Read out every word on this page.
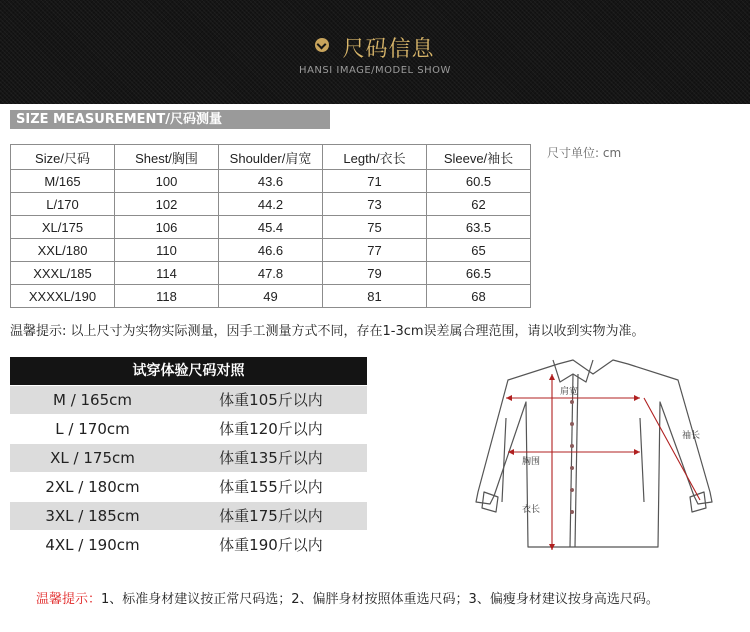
尺码信息
HANSI IMAGE/MODEL SHOW
SIZE MEASUREMENT/尺码测量
Size/尺码	Shest/胸围	Shoulder/肩宽	Legth/衣长	Sleeve/袖长
M/165	100	43.6	71	60.5
L/170	102	44.2	73	62
XL/175	106	45.4	75	63.5
XXL/180	110	46.6	77	65
XXXL/185	114	47.8	79	66.5
XXXXL/190	118	49	81	68
尺寸单位: cm
温馨提示: 以上尺寸为实物实际测量，因手工测量方式不同，存在1-3cm误差属合理范围，请以收到实物为准。
试穿体验尺码对照
M / 165cm	体重105斤以内
L / 170cm	体重120斤以内
XL / 175cm	体重135斤以内
2XL / 180cm	体重155斤以内
3XL / 185cm	体重175斤以内
4XL / 190cm	体重190斤以内
肩宽
胸围
衣长
袖长
温馨提示：1、标准身材建议按正常尺码选；2、偏胖身材按照体重选尺码；3、偏瘦身材建议按身高选尺码。
